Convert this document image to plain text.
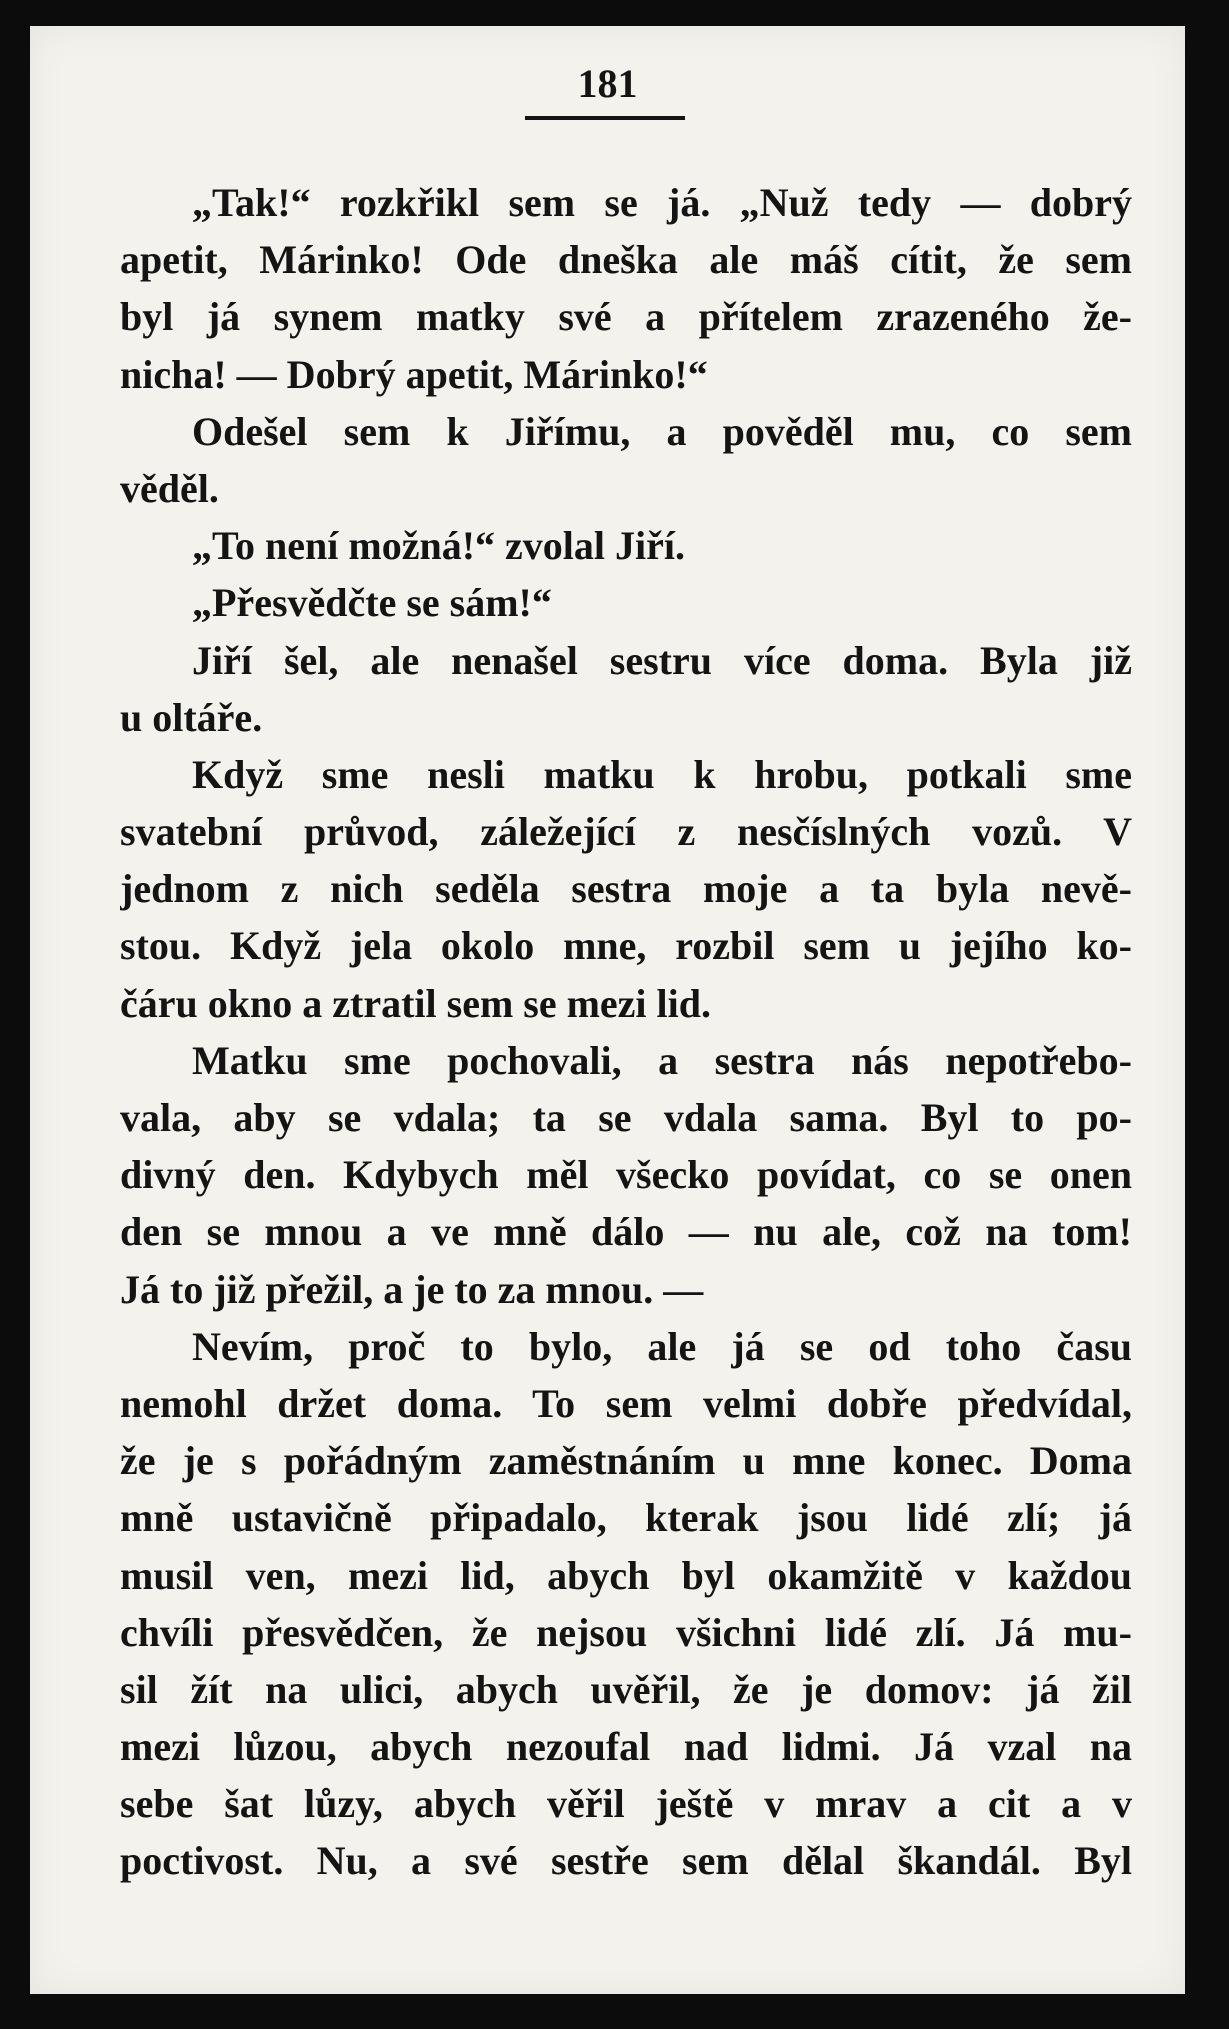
181
„Tak!“ rozkřikl sem se já. „Nuž tedy — dobrý
apetit, Márinko! Ode dneška ale máš cítit, že sem
byl já synem matky své a přítelem zrazeného že-
nicha! — Dobrý apetit, Márinko!“
Odešel sem k Jiřímu, a pověděl mu, co sem
věděl.
„To není možná!“ zvolal Jiří.
„Přesvědčte se sám!“
Jiří šel, ale nenašel sestru více doma. Byla již
u oltáře.
Když sme nesli matku k hrobu, potkali sme
svatební průvod, záležející z nesčíslných vozů. V
jednom z nich seděla sestra moje a ta byla nevě-
stou. Když jela okolo mne, rozbil sem u jejího ko-
čáru okno a ztratil sem se mezi lid.
Matku sme pochovali, a sestra nás nepotřebo-
vala, aby se vdala; ta se vdala sama. Byl to po-
divný den. Kdybych měl všecko povídat, co se onen
den se mnou a ve mně dálo — nu ale, což na tom!
Já to již přežil, a je to za mnou. —
Nevím, proč to bylo, ale já se od toho času
nemohl držet doma. To sem velmi dobře předvídal,
že je s pořádným zaměstnáním u mne konec. Doma
mně ustavičně připadalo, kterak jsou lidé zlí; já
musil ven, mezi lid, abych byl okamžitě v každou
chvíli přesvědčen, že nejsou všichni lidé zlí. Já mu-
sil žít na ulici, abych uvěřil, že je domov: já žil
mezi lůzou, abych nezoufal nad lidmi. Já vzal na
sebe šat lůzy, abych věřil ještě v mrav a cit a v
poctivost. Nu, a své sestře sem dělal škandál. Byl
